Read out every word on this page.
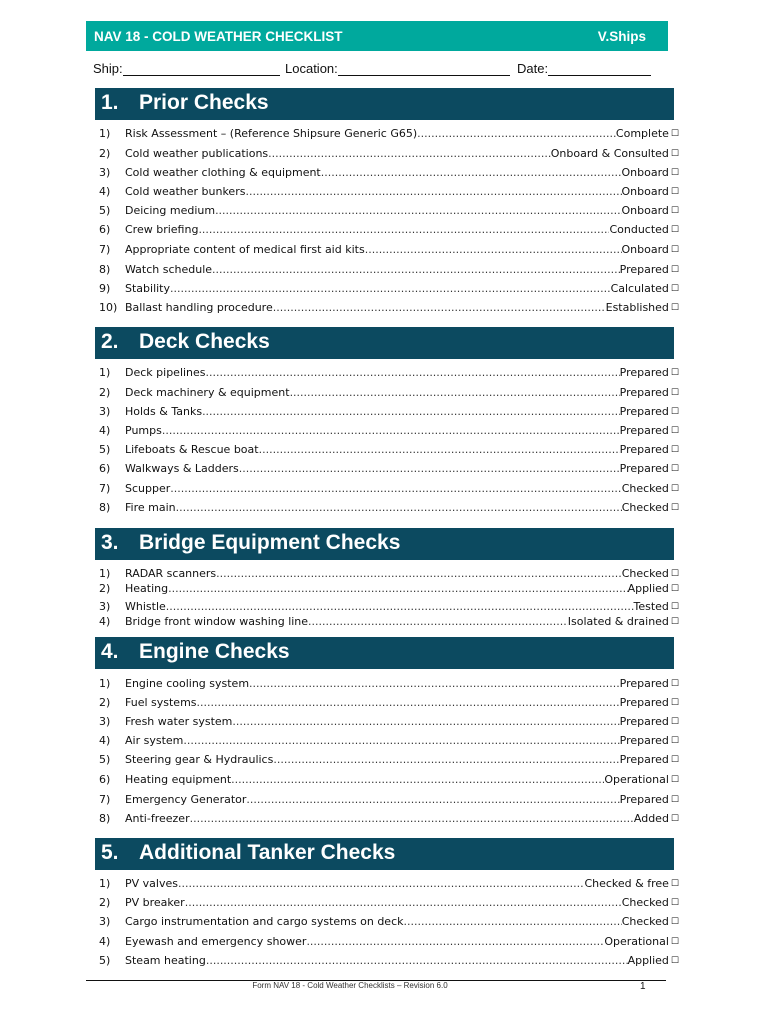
NAV 18 - COLD WEATHER CHECKLIST	V.Ships
Ship:	Location:	Date:
1. Prior Checks
1) Risk Assessment – (Reference Shipsure Generic G65) .....	Complete ☐
2) Cold weather publications .....	Onboard & Consulted ☐
3) Cold weather clothing & equipment .....	Onboard ☐
4) Cold weather bunkers .....	Onboard ☐
5) Deicing medium .....	Onboard ☐
6) Crew briefing .....	Conducted ☐
7) Appropriate content of medical first aid kits .....	Onboard ☐
8) Watch schedule .....	Prepared ☐
9) Stability .....	Calculated ☐
10) Ballast handling procedure .....	Established ☐
2. Deck Checks
1) Deck pipelines .....	Prepared ☐
2) Deck machinery & equipment .....	Prepared ☐
3) Holds & Tanks .....	Prepared ☐
4) Pumps .....	Prepared ☐
5) Lifeboats & Rescue boat .....	Prepared ☐
6) Walkways & Ladders .....	Prepared ☐
7) Scupper .....	Checked ☐
8) Fire main .....	Checked ☐
3. Bridge Equipment Checks
1) RADAR scanners .....	Checked ☐
2) Heating .....	Applied ☐
3) Whistle .....	Tested ☐
4) Bridge front window washing line .....	Isolated & drained ☐
4. Engine Checks
1) Engine cooling system .....	Prepared ☐
2) Fuel systems .....	Prepared ☐
3) Fresh water system .....	Prepared ☐
4) Air system .....	Prepared ☐
5) Steering gear & Hydraulics .....	Prepared ☐
6) Heating equipment .....	Operational ☐
7) Emergency Generator .....	Prepared ☐
8) Anti-freezer .....	Added ☐
5. Additional Tanker Checks
1) PV valves .....	Checked & free ☐
2) PV breaker .....	Checked ☐
3) Cargo instrumentation and cargo systems on deck .....	Checked ☐
4) Eyewash and emergency shower .....	Operational ☐
5) Steam heating .....	Applied ☐
Form NAV 18 - Cold Weather Checklists – Revision 6.0	1
